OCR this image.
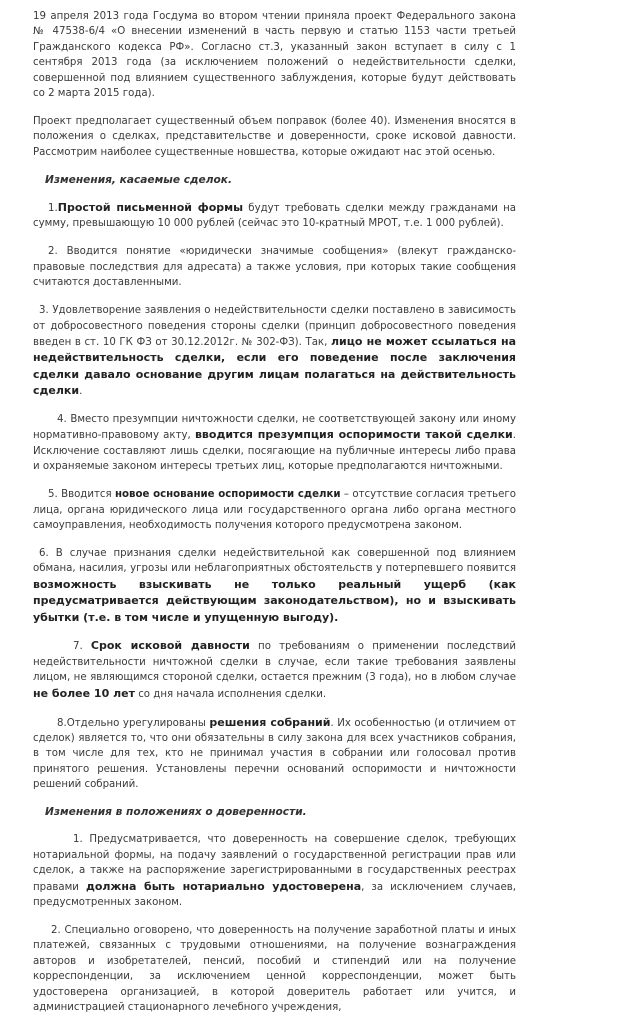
19 апреля 2013 года Госдума во втором чтении приняла проект Федерального закона № 47538-6/4 «О внесении изменений в часть первую и статью 1153 части третьей Гражданского кодекса РФ». Согласно ст.3, указанный закон вступает в силу с 1 сентября 2013 года (за исключением положений о недействительности сделки, совершенной под влиянием существенного заблуждения, которые будут действовать со 2 марта 2015 года).

Проект предполагает существенный объем поправок (более 40). Изменения вносятся в положения о сделках, представительстве и доверенности, сроке исковой давности. Рассмотрим наиболее существенные новшества, которые ожидают нас этой осенью.

Изменения, касаемые сделок.

1.Простой письменной формы будут требовать сделки между гражданами на сумму, превышающую 10 000 рублей (сейчас это 10-кратный МРОТ, т.е. 1 000 рублей).

2. Вводится понятие «юридически значимые сообщения» (влекут гражданско-правовые последствия для адресата) а также условия, при которых такие сообщения считаются доставленными.

3. Удовлетворение заявления о недействительности сделки поставлено в зависимость от добросовестного поведения стороны сделки (принцип добросовестного поведения введен в ст. 10 ГК ФЗ от 30.12.2012г. № 302-ФЗ). Так, лицо не может ссылаться на недействительность сделки, если его поведение после заключения сделки давало основание другим лицам полагаться на действительность сделки.

4. Вместо презумпции ничтожности сделки, не соответствующей закону или иному нормативно-правовому акту, вводится презумпция оспоримости такой сделки. Исключение составляют лишь сделки, посягающие на публичные интересы либо права и охраняемые законом интересы третьих лиц, которые предполагаются ничтожными.

5. Вводится новое основание оспоримости сделки – отсутствие согласия третьего лица, органа юридического лица или государственного органа либо органа местного самоуправления, необходимость получения которого предусмотрена законом.

6. В случае признания сделки недействительной как совершенной под влиянием обмана, насилия, угрозы или неблагоприятных обстоятельств у потерпевшего появится возможность взыскивать не только реальный ущерб (как предусматривается действующим законодательством), но и взыскивать убытки (т.е. в том числе и упущенную выгоду).

7. Срок исковой давности по требованиям о применении последствий недействительности ничтожной сделки в случае, если такие требования заявлены лицом, не являющимся стороной сделки, остается прежним (3 года), но в любом случае не более 10 лет со дня начала исполнения сделки.

8.Отдельно урегулированы решения собраний. Их особенностью (и отличием от сделок) является то, что они обязательны в силу закона для всех участников собрания, в том числе для тех, кто не принимал участия в собрании или голосовал против принятого решения. Установлены перечни оснований оспоримости и ничтожности решений собраний.

Изменения в положениях о доверенности.

1. Предусматривается, что доверенность на совершение сделок, требующих нотариальной формы, на подачу заявлений о государственной регистрации прав или сделок, а также на распоряжение зарегистрированными в государственных реестрах правами должна быть нотариально удостоверена, за исключением случаев, предусмотренных законом.

2. Специально оговорено, что доверенность на получение заработной платы и иных платежей, связанных с трудовыми отношениями, на получение вознаграждения авторов и изобретателей, пенсий, пособий и стипендий или на получение корреспонденции, за исключением ценной корреспонденции, может быть удостоверена организацией, в которой доверитель работает или учится, и администрацией стационарного лечебного учреждения,
